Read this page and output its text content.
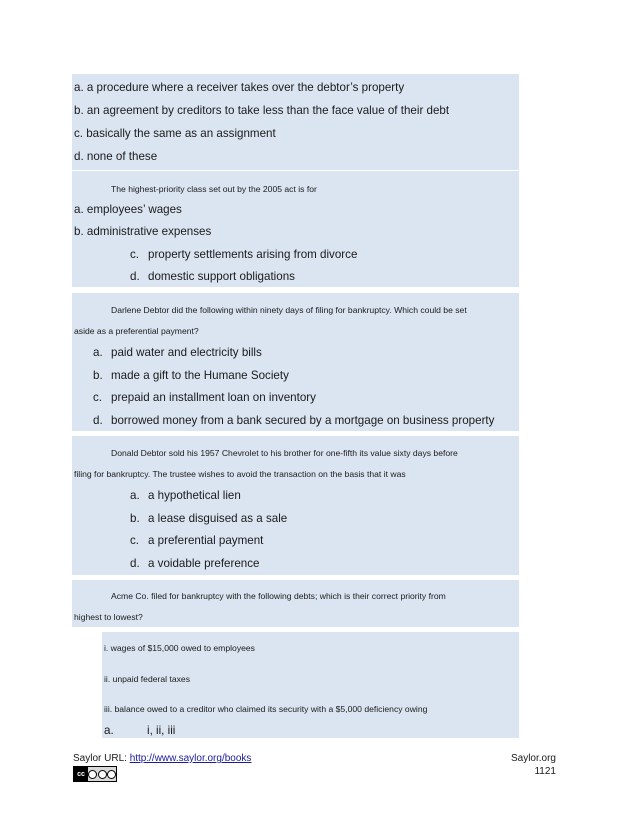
a. a procedure where a receiver takes over the debtor’s property
b. an agreement by creditors to take less than the face value of their debt
c. basically the same as an assignment
d. none of these
The highest-priority class set out by the 2005 act is for
a. employees’ wages
b. administrative expenses
c. property settlements arising from divorce
d. domestic support obligations
Darlene Debtor did the following within ninety days of filing for bankruptcy. Which could be set
aside as a preferential payment?
a. paid water and electricity bills
b. made a gift to the Humane Society
c. prepaid an installment loan on inventory
d. borrowed money from a bank secured by a mortgage on business property
Donald Debtor sold his 1957 Chevrolet to his brother for one-fifth its value sixty days before
filing for bankruptcy. The trustee wishes to avoid the transaction on the basis that it was
a. a hypothetical lien
b. a lease disguised as a sale
c. a preferential payment
d. a voidable preference
Acme Co. filed for bankruptcy with the following debts; which is their correct priority from
highest to lowest?
i. wages of $15,000 owed to employees
ii. unpaid federal taxes
iii. balance owed to a creditor who claimed its security with a $5,000 deficiency owing
a.	i, ii, iii
Saylor URL: http://www.saylor.org/books	Saylor.org
1121
cc
